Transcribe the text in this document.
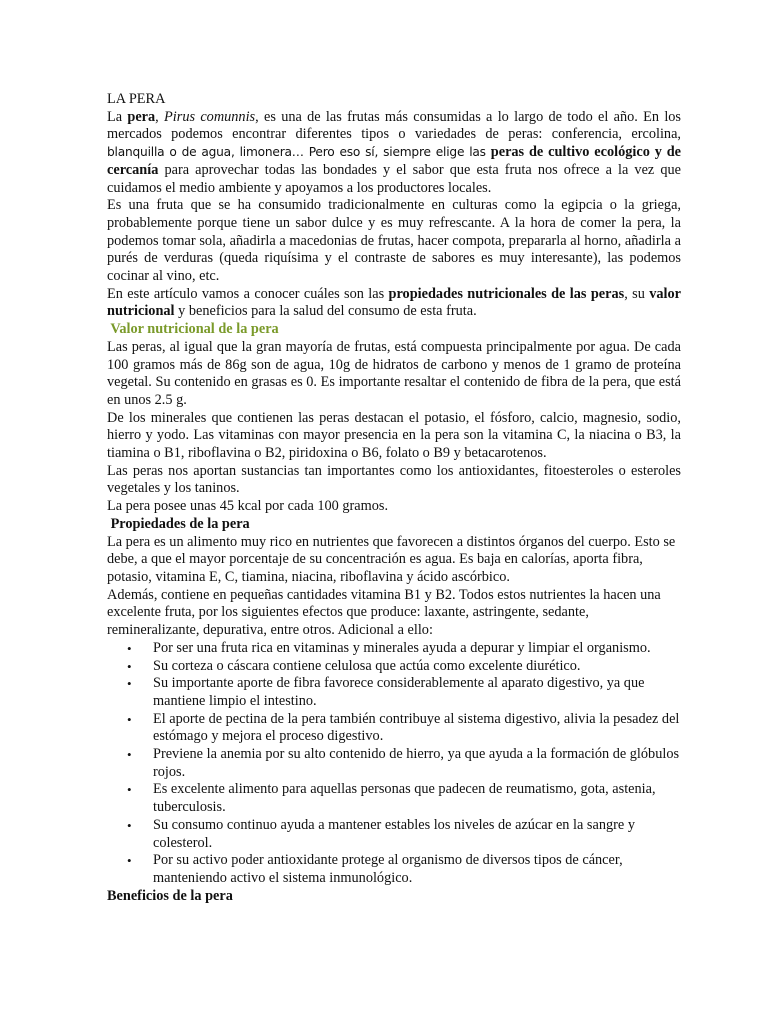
LA PERA

La pera, Pirus comunnis, es una de las frutas más consumidas a lo largo de todo el año. En los mercados podemos encontrar diferentes tipos o variedades de peras: conferencia, ercolina, blanquilla o de agua, limonera… Pero eso sí, siempre elige las peras de cultivo ecológico y de cercanía para aprovechar todas las bondades y el sabor que esta fruta nos ofrece a la vez que cuidamos el medio ambiente y apoyamos a los productores locales.

Es una fruta que se ha consumido tradicionalmente en culturas como la egipcia o la griega, probablemente porque tiene un sabor dulce y es muy refrescante. A la hora de comer la pera, la podemos tomar sola, añadirla a macedonias de frutas, hacer compota, prepararla al horno, añadirla a purés de verduras (queda riquísima y el contraste de sabores es muy interesante), las podemos cocinar al vino, etc.

En este artículo vamos a conocer cuáles son las propiedades nutricionales de las peras, su valor nutricional y beneficios para la salud del consumo de esta fruta.

Valor nutricional de la pera

Las peras, al igual que la gran mayoría de frutas, está compuesta principalmente por agua. De cada 100 gramos más de 86g son de agua, 10g de hidratos de carbono y menos de 1 gramo de proteína vegetal. Su contenido en grasas es 0. Es importante resaltar el contenido de fibra de la pera, que está en unos 2.5 g.

De los minerales que contienen las peras destacan el potasio, el fósforo, calcio, magnesio, sodio, hierro y yodo. Las vitaminas con mayor presencia en la pera son la vitamina C, la niacina o B3, la tiamina o B1, riboflavina o B2, piridoxina o B6, folato o B9 y betacarotenos.

Las peras nos aportan sustancias tan importantes como los antioxidantes, fitoesteroles o esteroles vegetales y los taninos.

La pera posee unas 45 kcal por cada 100 gramos.

Propiedades de la pera

La pera es un alimento muy rico en nutrientes que favorecen a distintos órganos del cuerpo. Esto se debe, a que el mayor porcentaje de su concentración es agua. Es baja en calorías, aporta fibra, potasio, vitamina E, C, tiamina, niacina, riboflavina y ácido ascórbico.

Además, contiene en pequeñas cantidades vitamina B1 y B2. Todos estos nutrientes la hacen una excelente fruta, por los siguientes efectos que produce: laxante, astringente, sedante, remineralizante, depurativa, entre otros. Adicional a ello:

• Por ser una fruta rica en vitaminas y minerales ayuda a depurar y limpiar el organismo.
• Su corteza o cáscara contiene celulosa que actúa como excelente diurético.
• Su importante aporte de fibra favorece considerablemente al aparato digestivo, ya que mantiene limpio el intestino.
• El aporte de pectina de la pera también contribuye al sistema digestivo, alivia la pesadez del estómago y mejora el proceso digestivo.
• Previene la anemia por su alto contenido de hierro, ya que ayuda a la formación de glóbulos rojos.
• Es excelente alimento para aquellas personas que padecen de reumatismo, gota, astenia, tuberculosis.
• Su consumo continuo ayuda a mantener estables los niveles de azúcar en la sangre y colesterol.
• Por su activo poder antioxidante protege al organismo de diversos tipos de cáncer, manteniendo activo el sistema inmunológico.

Beneficios de la pera
